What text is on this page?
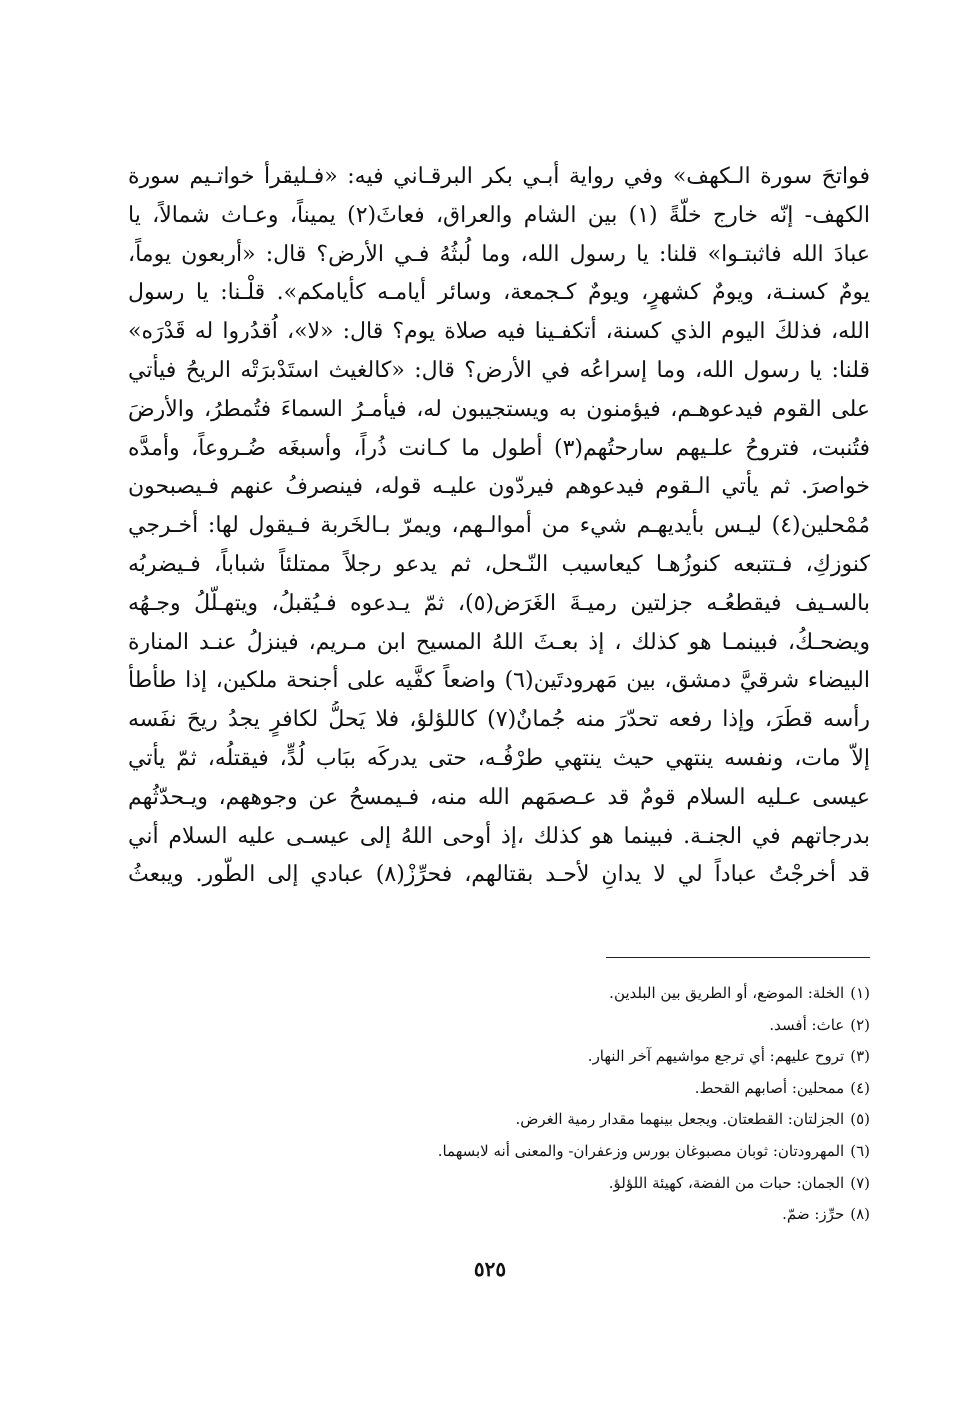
فواتحَ سورة الـكهف» وفي رواية أبـي بكر البرقـاني فيه: «فـليقرأ خواتـيم سورة
الكهف- إنّه خارج خلّةً (١) بين الشام والعراق، فعاثَ(٢) يميناً، وعـاث شمالاً، يا
عبادَ الله فاثبتـوا» قلنا: يا رسول الله، وما لُبثُهُ فـي الأرض؟ قال: «أربعون يوماً،
يومٌ كسنـة، ويومٌ كشهرٍ، ويومٌ كـجمعة، وسائر أيامـه كأيامكم». قلْـنا: يا رسول
الله، فذلكَ اليوم الذي كسنة، أتكفـينا فيه صلاة يوم؟ قال: «لا»، اُقدُروا له قَدْرَه»
قلنا: يا رسول الله، وما إسراعُه في الأرض؟ قال: «كالغيث استَدْبرَتْه الريحُ فيأتي
على القوم فيدعوهـم، فيؤمنون به ويستجيبون له، فيأمـرُ السماءَ فتُمطرُ، والأرضَ
فتُنبت، فتروحُ علـيهم سارحتُهم(٣) أطول ما كـانت ذُراً، وأسبغَه ضُـروعاً، وأمدَّه
خواصرَ. ثم يأتي الـقوم فيدعوهم فيردّون عليـه قوله، فينصرفُ عنهم فـيصبحون
مُمْحلين(٤) ليـس بأيديهـم شيء من أموالـهم، ويمرّ بـالخَربة فـيقول لها: أخـرجي
كنوزكِ، فـتتبعه كنوزُهـا كيعاسيب النّـحل، ثم يدعو رجلاً ممتلئاً شباباً، فـيضربُه
بالسـيف فيقطعُـه جزلتين رميـةَ الغَرَض(٥)، ثمّ يـدعوه فـيُقبلُ، ويتهـلّلُ وجـهُه
ويضحـكُ، فبينمـا هو كذلك ، إذ بعـثَ اللهُ المسيح ابن مـريم، فينزلُ عنـد المنارة
البيضاء شرقيَّ دمشق، بين مَهرودتَين(٦) واضعاً كفَّيه على أجنحة ملكين، إذا طأطأ
رأسه قطَرَ، وإذا رفعه تحدّرَ منه جُمانٌ(٧) كاللؤلؤ، فلا يَحلُّ لكافرٍ يجدُ ريحَ نفَسه
إلاّ مات، ونفسه ينتهي حيث ينتهي طرْفُـه، حتى يدركَه ببَاب لُدٍّ، فيقتلُه، ثمّ يأتي
عيسى عـليه السلام قومٌ قد عـصمَهم الله منه، فـيمسحُ عن وجوههم، ويـحدّثُهم
بدرجاتهم في الجنـة. فبينما هو كذلك ،إذ أوحى اللهُ إلى عيسـى عليه السلام أني
قد أخرجْتُ عباداً لي لا يدانِ لأحـد بقتالهم، فحرِّزْ(٨) عبادي إلى الطّور. ويبعثُ
(١)الخلة: الموضع، أو الطريق بين البلدين.
(٢)عاث: أفسد.
(٣)تروح عليهم: أي ترجع مواشيهم آخر النهار.
(٤)ممحلين: أصابهم القحط.
(٥)الجزلتان: القطعتان. ويجعل بينهما مقدار رمية الغرض.
(٦)المهرودتان: ثوبان مصبوغان بورس وزعفران- والمعنى أنه لابسهما.
(٧)الجمان: حبات من الفضة، كهيئة اللؤلؤ.
(٨)حرِّز: ضمّ.
٥٢٥
